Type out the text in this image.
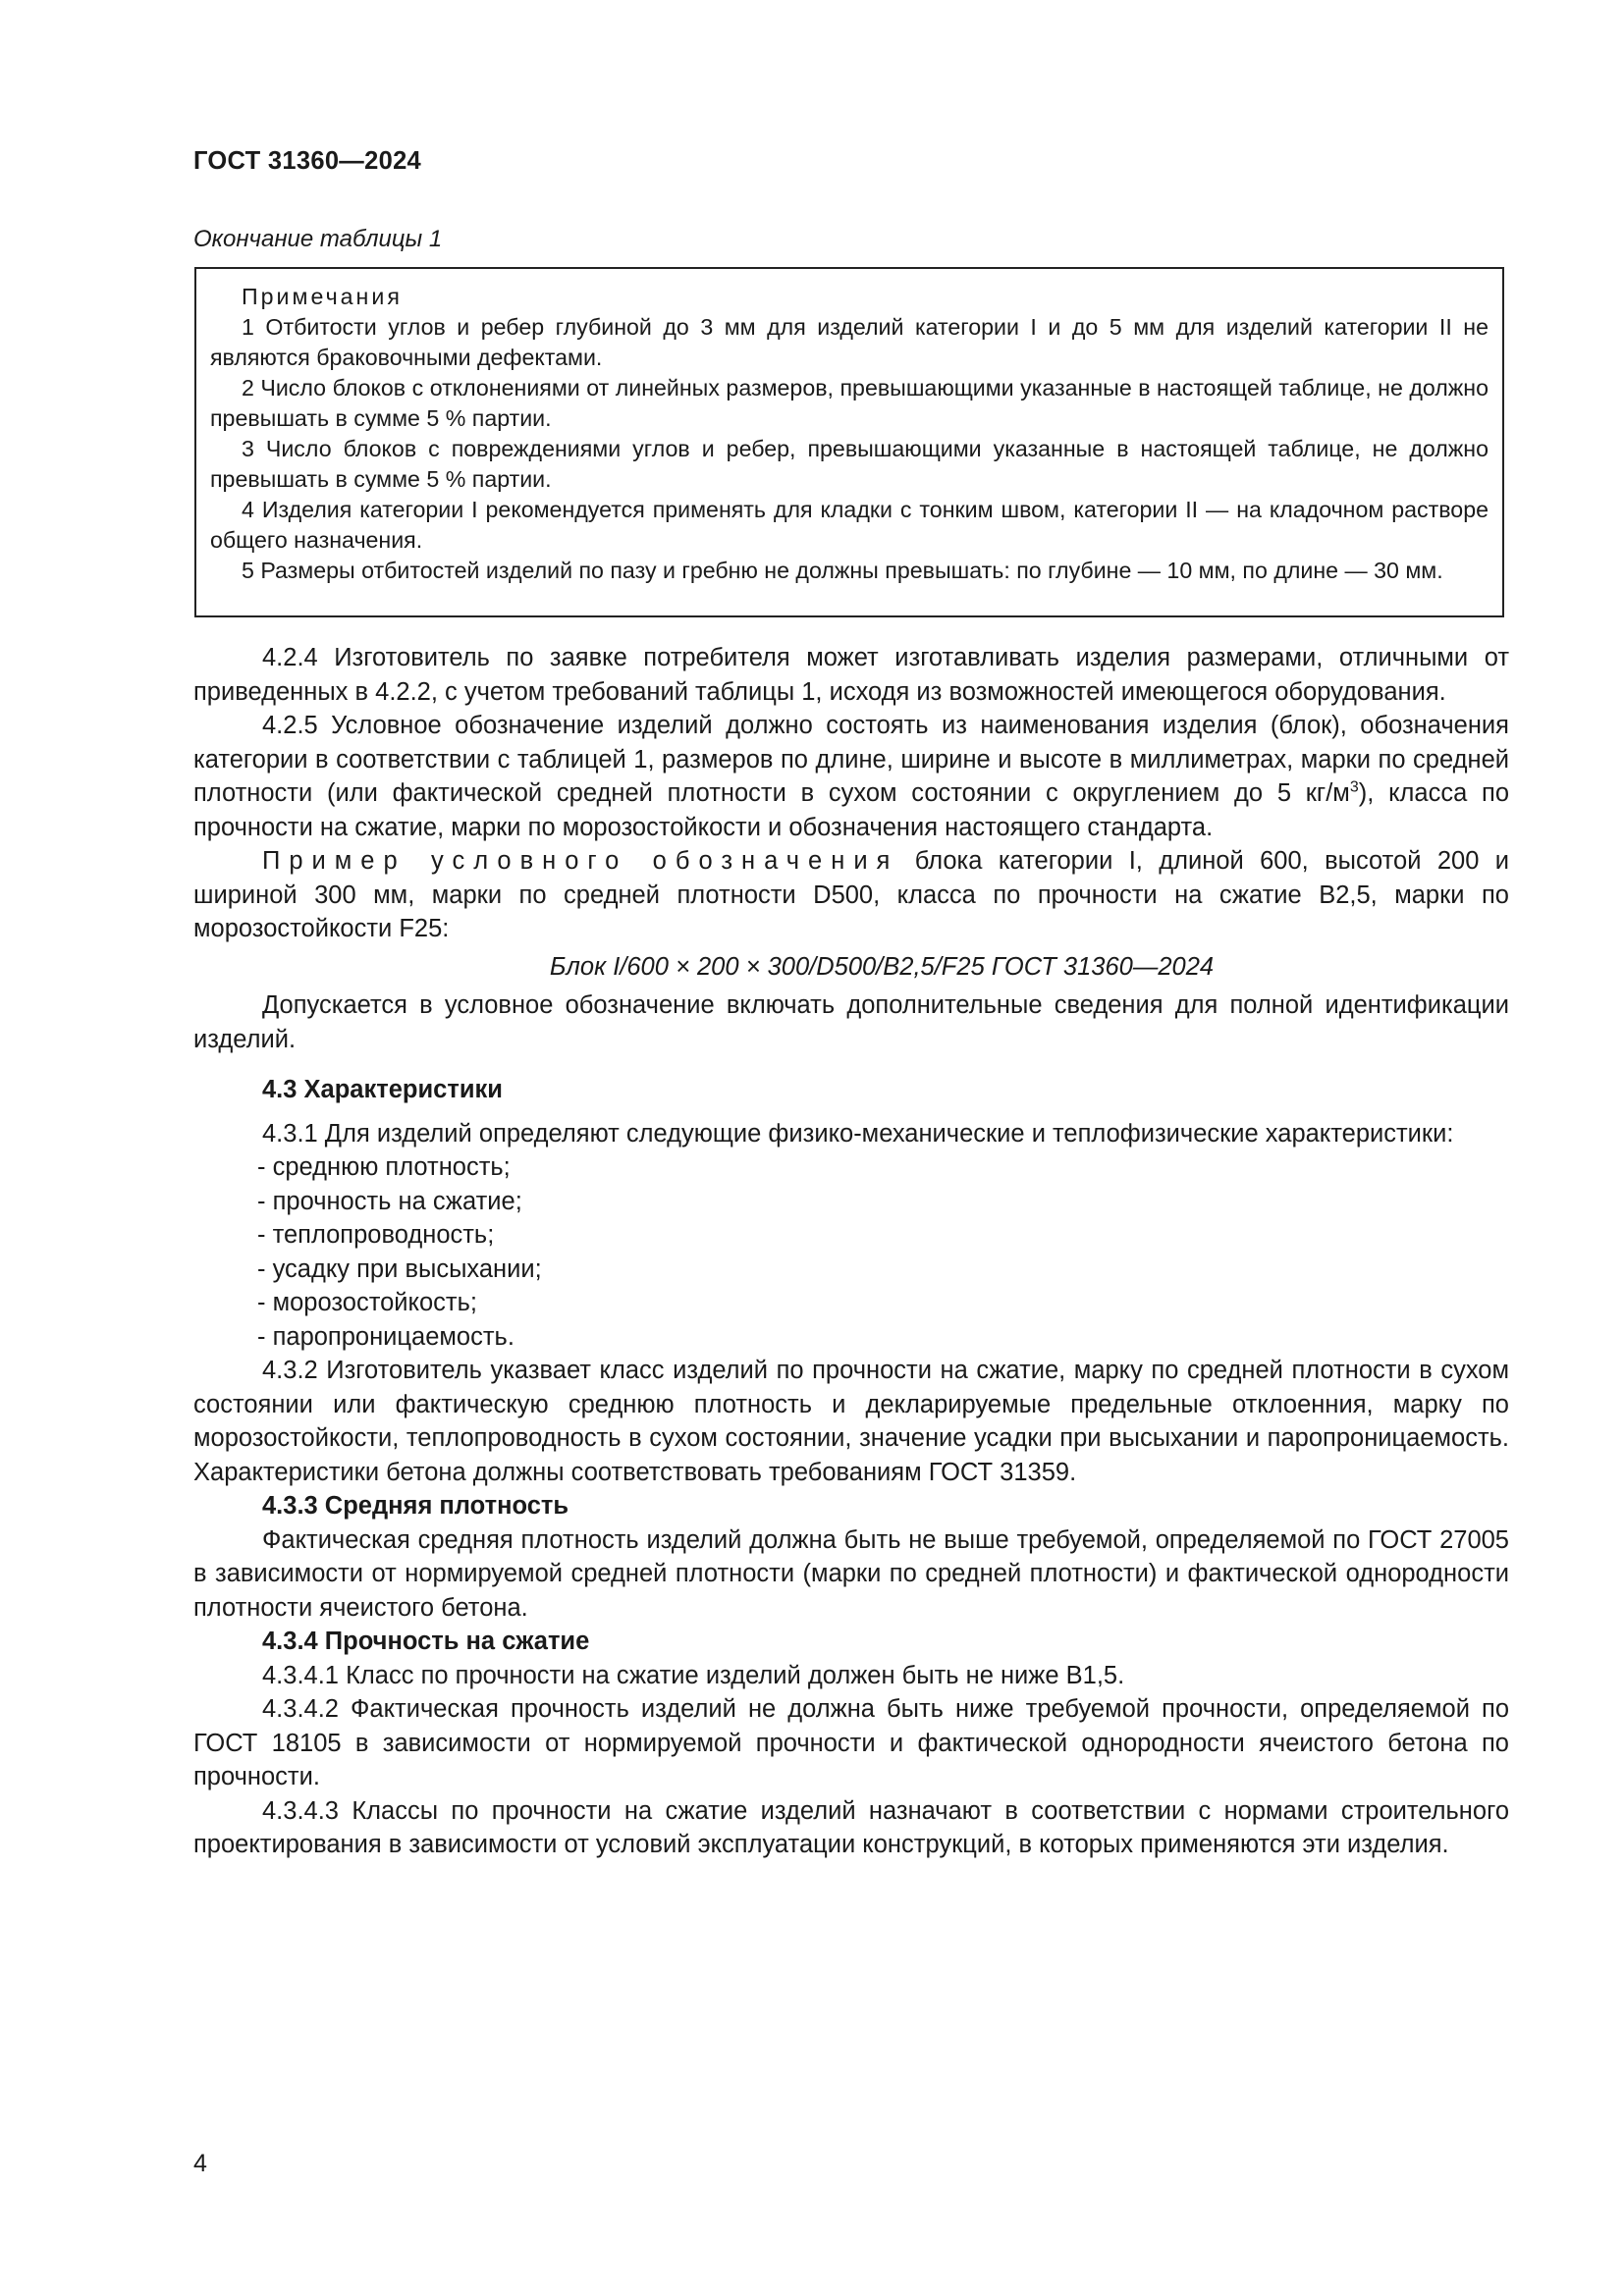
ГОСТ 31360—2024
Окончание таблицы 1
Примечания
1 Отбитости углов и ребер глубиной до 3 мм для изделий категории I и до 5 мм для изделий категории II не являются браковочными дефектами.
2 Число блоков с отклонениями от линейных размеров, превышающими указанные в настоящей таблице, не должно превышать в сумме 5 % партии.
3 Число блоков с повреждениями углов и ребер, превышающими указанные в настоящей таблице, не должно превышать в сумме 5 % партии.
4 Изделия категории I рекомендуется применять для кладки с тонким швом, категории II — на кладочном растворе общего назначения.
5 Размеры отбитостей изделий по пазу и гребню не должны превышать: по глубине — 10 мм, по длине — 30 мм.

4.2.4 Изготовитель по заявке потребителя может изготавливать изделия размерами, отличными от приведенных в 4.2.2, с учетом требований таблицы 1, исходя из возможностей имеющегося оборудования.

4.2.5 Условное обозначение изделий должно состоять из наименования изделия (блок), обозначения категории в соответствии с таблицей 1, размеров по длине, ширине и высоте в миллиметрах, марки по средней плотности (или фактической средней плотности в сухом состоянии с округлением до 5 $кг/м^3$), класса по прочности на сжатие, марки по морозостойкости и обозначения настоящего стандарта.

Пример условного обозначения блока категории I, длиной 600, высотой 200 и шириной 300 мм, марки по средней плотности D500, класса по прочности на сжатие B2,5, марки по морозостойкости F25:

Блок I/600 × 200 × 300/D500/B2,5/F25 ГОСТ 31360—2024

Допускается в условное обозначение включать дополнительные сведения для полной идентификации изделий.

4.3 Характеристики

4.3.1 Для изделий определяют следующие физико-механические и теплофизические характеристики:

- среднюю плотность;
- прочность на сжатие;
- теплопроводность;
- усадку при высыхании;
- морозостойкость;
- паропроницаемость.

4.3.2 Изготовитель указвает класс изделий по прочности на сжатие, марку по средней плотности в сухом состоянии или фактическую среднюю плотность и декларируемые предельные отклоенния, марку по морозостойкости, теплопроводность в сухом состоянии, значение усадки при высыхании и паропроницаемость. Характеристики бетона должны соответствовать требованиям ГОСТ 31359.

4.3.3 Средняя плотность

Фактическая средняя плотность изделий должна быть не выше требуемой, определяемой по ГОСТ 27005 в зависимости от нормируемой средней плотности (марки по средней плотности) и фактической однородности плотности ячеистого бетона.

4.3.4 Прочность на сжатие

4.3.4.1 Класс по прочности на сжатие изделий должен быть не ниже B1,5.

4.3.4.2 Фактическая прочность изделий не должна быть ниже требуемой прочности, определяемой по ГОСТ 18105 в зависимости от нормируемой прочности и фактической однородности ячеистого бетона по прочности.

4.3.4.3 Классы по прочности на сжатие изделий назначают в соответствии с нормами строительного проектирования в зависимости от условий эксплуатации конструкций, в которых применяются эти изделия.

4
